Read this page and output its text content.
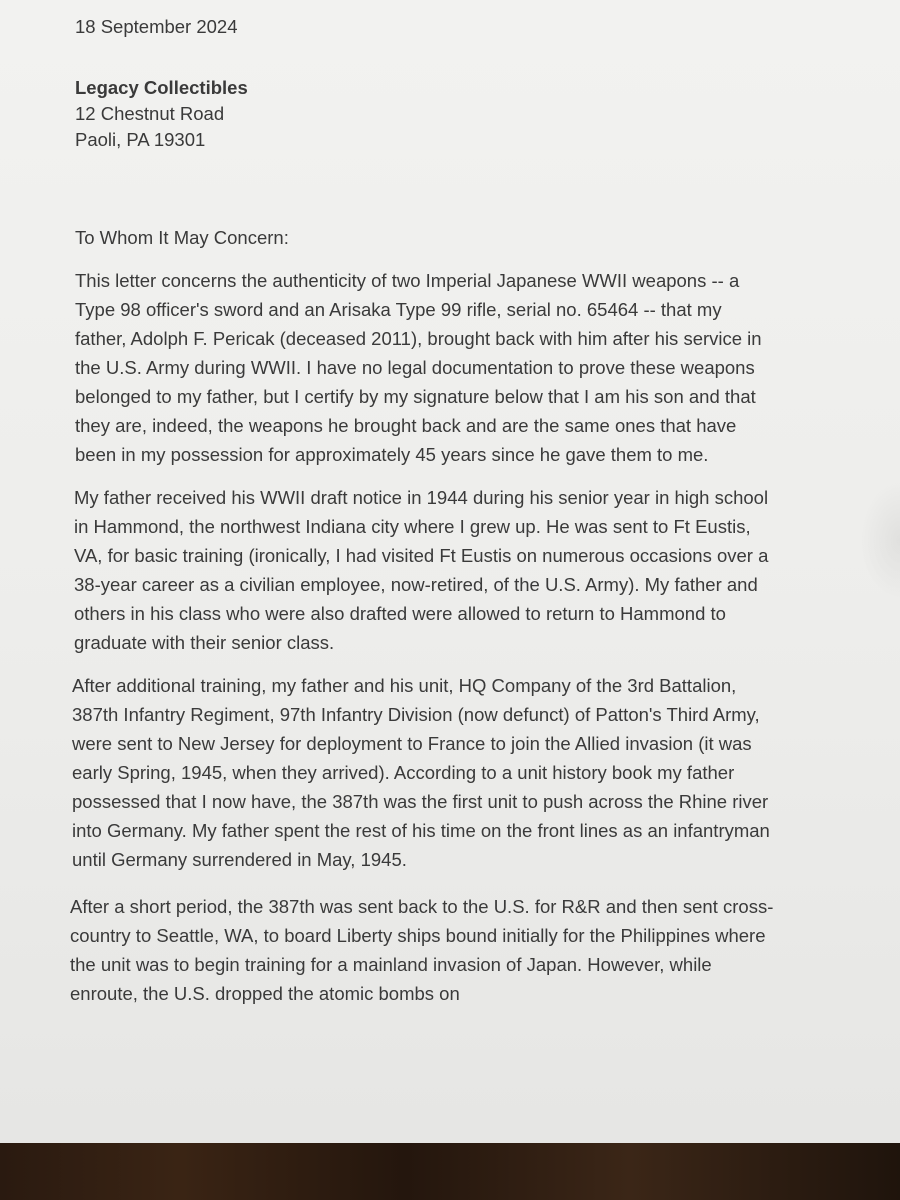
18 September 2024
Legacy Collectibles
12 Chestnut Road
Paoli, PA 19301
To Whom It May Concern:

This letter concerns the authenticity of two Imperial Japanese WWII weapons -- a Type 98 officer's sword and an Arisaka Type 99 rifle, serial no. 65464 -- that my father, Adolph F. Pericak (deceased 2011), brought back with him after his service in the U.S. Army during WWII. I have no legal documentation to prove these weapons belonged to my father, but I certify by my signature below that I am his son and that they are, indeed, the weapons he brought back and are the same ones that have been in my possession for approximately 45 years since he gave them to me.

My father received his WWII draft notice in 1944 during his senior year in high school in Hammond, the northwest Indiana city where I grew up. He was sent to Ft Eustis, VA, for basic training (ironically, I had visited Ft Eustis on numerous occasions over a 38-year career as a civilian employee, now-retired, of the U.S. Army). My father and others in his class who were also drafted were allowed to return to Hammond to graduate with their senior class.

After additional training, my father and his unit, HQ Company of the 3rd Battalion, 387th Infantry Regiment, 97th Infantry Division (now defunct) of Patton's Third Army, were sent to New Jersey for deployment to France to join the Allied invasion (it was early Spring, 1945, when they arrived). According to a unit history book my father possessed that I now have, the 387th was the first unit to push across the Rhine river into Germany. My father spent the rest of his time on the front lines as an infantryman until Germany surrendered in May, 1945.

After a short period, the 387th was sent back to the U.S. for R&R and then sent cross-country to Seattle, WA, to board Liberty ships bound initially for the Philippines where the unit was to begin training for a mainland invasion of Japan. However, while enroute, the U.S. dropped the atomic bombs on
